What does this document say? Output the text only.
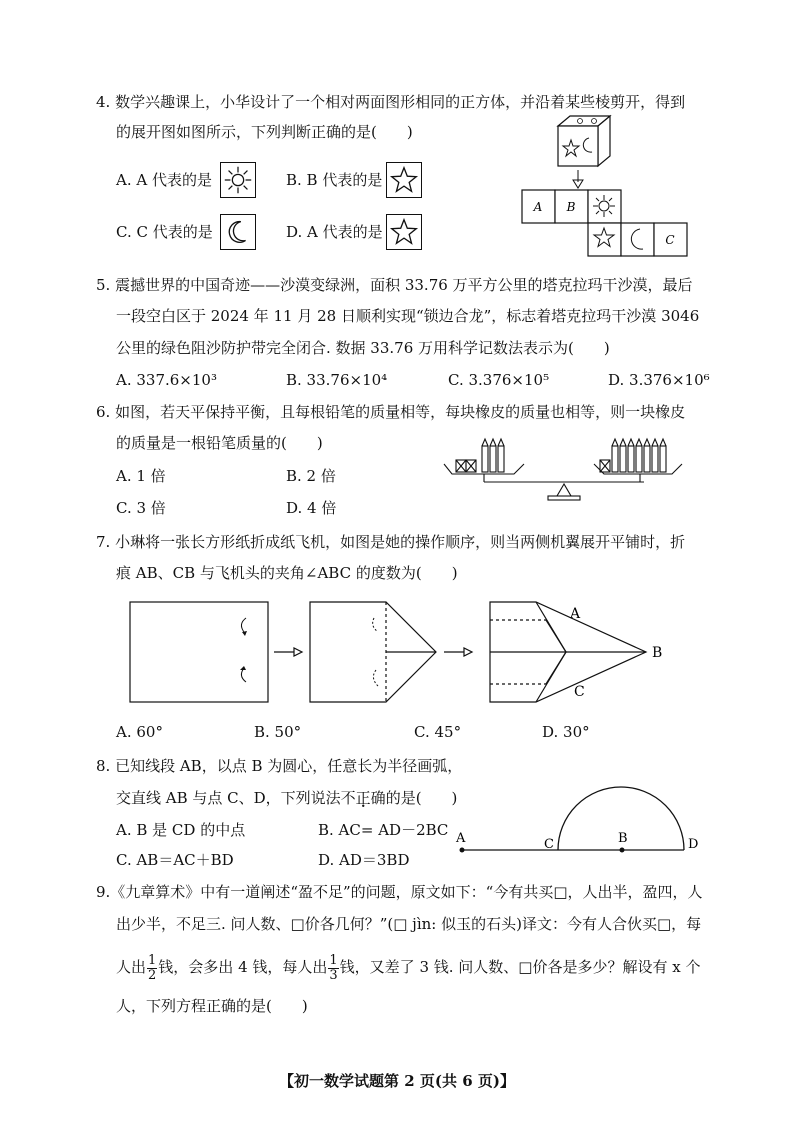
4. 数学兴趣课上，小华设计了一个相对两面图形相同的正方体，并沿着某些棱剪开，得到
的展开图如图所示，下列判断正确的是(　　)
A. A 代表的是	B. B 代表的是
C. C 代表的是	D. A 代表的是
A B
C
5. 震撼世界的中国奇迹——沙漠变绿洲，面积 33.76 万平方公里的塔克拉玛干沙漠，最后
一段空白区于 2024 年 11 月 28 日顺利实现“锁边合龙”，标志着塔克拉玛干沙漠 3046
公里的绿色阻沙防护带完全闭合. 数据 33.76 万用科学记数法表示为(　　)
A. 337.6×10³	B. 33.76×10⁴	C. 3.376×10⁵	D. 3.376×10⁶
6. 如图，若天平保持平衡，且每根铅笔的质量相等，每块橡皮的质量也相等，则一块橡皮
的质量是一根铅笔质量的(　　)
A. 1 倍	B. 2 倍
C. 3 倍	D. 4 倍
7. 小琳将一张长方形纸折成纸飞机，如图是她的操作顺序，则当两侧机翼展开平铺时，折
痕 AB、CB 与飞机头的夹角∠ABC 的度数为(　　)
A
B
C
A. 60°	B. 50°	C. 45°	D. 30°
8. 已知线段 AB，以点 B 为圆心，任意长为半径画弧，
交直线 AB 与点 C、D，下列说法不正确的是(　　)
A. B 是 CD 的中点	B. AC= AD－2BC
C. AB＝AC＋BD	D. AD＝3BD
A	C	B	D
9.《九章算术》中有一道阐述“盈不足”的问题，原文如下：“今有共买□，人出半，盈四，人
出少半，不足三. 问人数、□价各几何？”(□ jìn: 似玉的石头)译文：今有人合伙买□，每
人出 $\frac{1}{2}$ 钱，会多出 4 钱，每人出 $\frac{1}{3}$ 钱，又差了 3 钱. 问人数、□价各是多少？解设有 x 个
人，下列方程正确的是(　　)
【初一数学试题第 2 页(共 6 页)】
